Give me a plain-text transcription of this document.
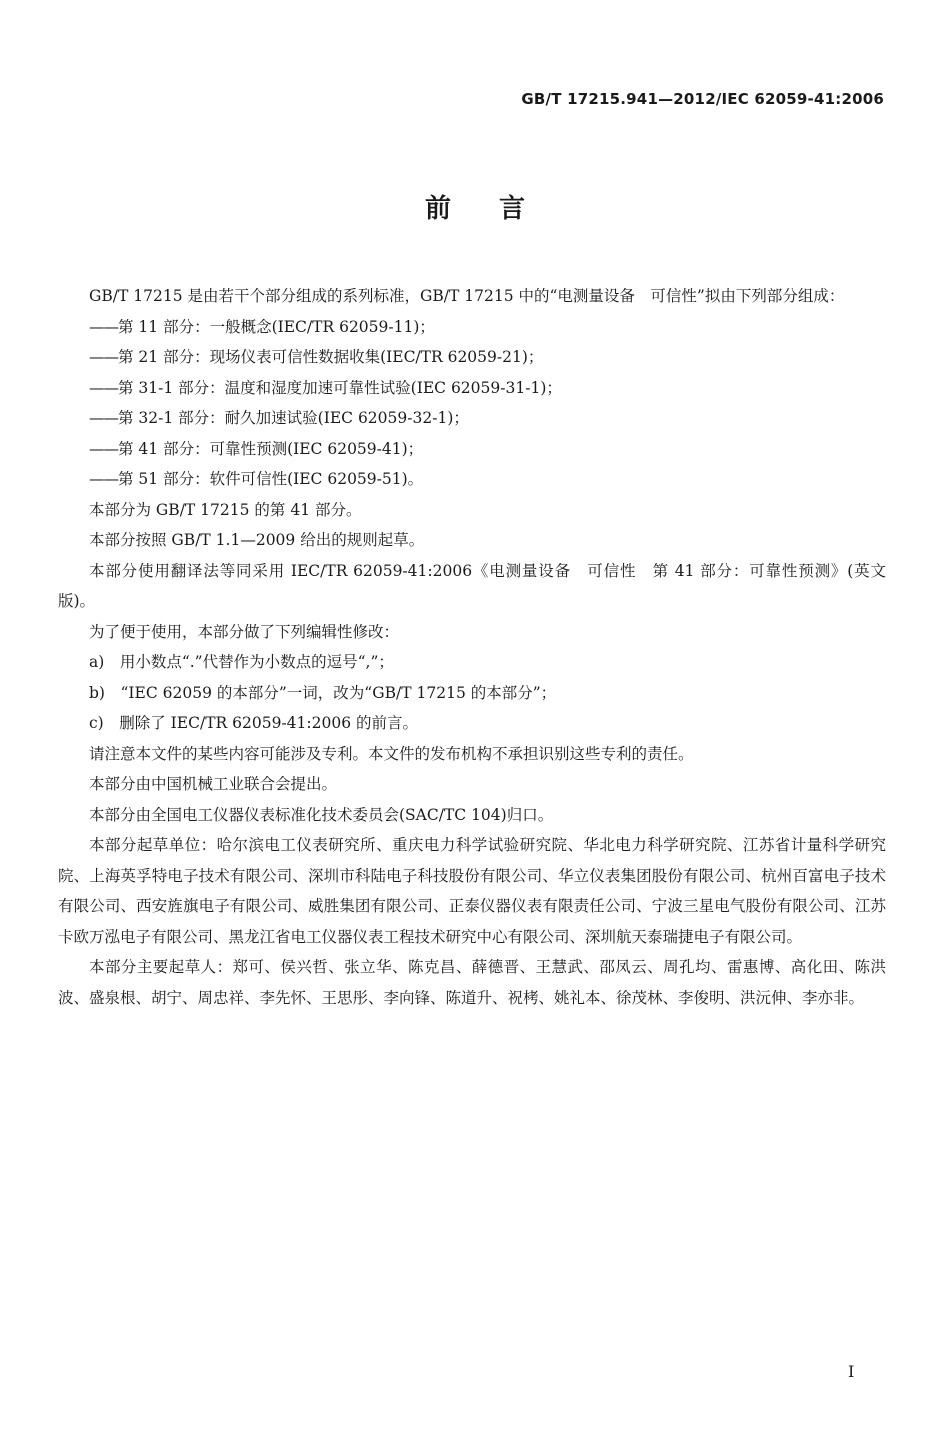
GB/T 17215.941—2012/IEC 62059-41:2006
前言

GB/T 17215 是由若干个部分组成的系列标准，GB/T 17215 中的“电测量设备　可信性”拟由下列部分组成：

——第 11 部分：一般概念(IEC/TR 62059-11)；

——第 21 部分：现场仪表可信性数据收集(IEC/TR 62059-21)；

——第 31-1 部分：温度和湿度加速可靠性试验(IEC 62059-31-1)；

——第 32-1 部分：耐久加速试验(IEC 62059-32-1)；

——第 41 部分：可靠性预测(IEC 62059-41)；

——第 51 部分：软件可信性(IEC 62059-51)。

本部分为 GB/T 17215 的第 41 部分。

本部分按照 GB/T 1.1—2009 给出的规则起草。

本部分使用翻译法等同采用 IEC/TR 62059-41:2006《电测量设备　可信性　第 41 部分：可靠性预测》(英文版)。

为了便于使用，本部分做了下列编辑性修改：

a)　 用小数点“.”代替作为小数点的逗号“,”；

b)　 “IEC 62059 的本部分”一词，改为“GB/T 17215 的本部分”；

c)　 删除了 IEC/TR 62059-41:2006 的前言。

请注意本文件的某些内容可能涉及专利。本文件的发布机构不承担识别这些专利的责任。

本部分由中国机械工业联合会提出。

本部分由全国电工仪器仪表标准化技术委员会(SAC/TC 104)归口。

本部分起草单位：哈尔滨电工仪表研究所、重庆电力科学试验研究院、华北电力科学研究院、江苏省计量科学研究院、上海英孚特电子技术有限公司、深圳市科陆电子科技股份有限公司、华立仪表集团股份有限公司、杭州百富电子技术有限公司、西安旌旗电子有限公司、威胜集团有限公司、正泰仪器仪表有限责任公司、宁波三星电气股份有限公司、江苏卡欧万泓电子有限公司、黑龙江省电工仪器仪表工程技术研究中心有限公司、深圳航天泰瑞捷电子有限公司。

本部分主要起草人：郑可、侯兴哲、张立华、陈克昌、薛德晋、王慧武、邵凤云、周孔均、雷惠博、高化田、陈洪波、盛泉根、胡宁、周忠祥、李先怀、王思彤、李向锋、陈道升、祝栲、姚礼本、徐茂林、李俊明、洪沅伸、李亦非。

I
